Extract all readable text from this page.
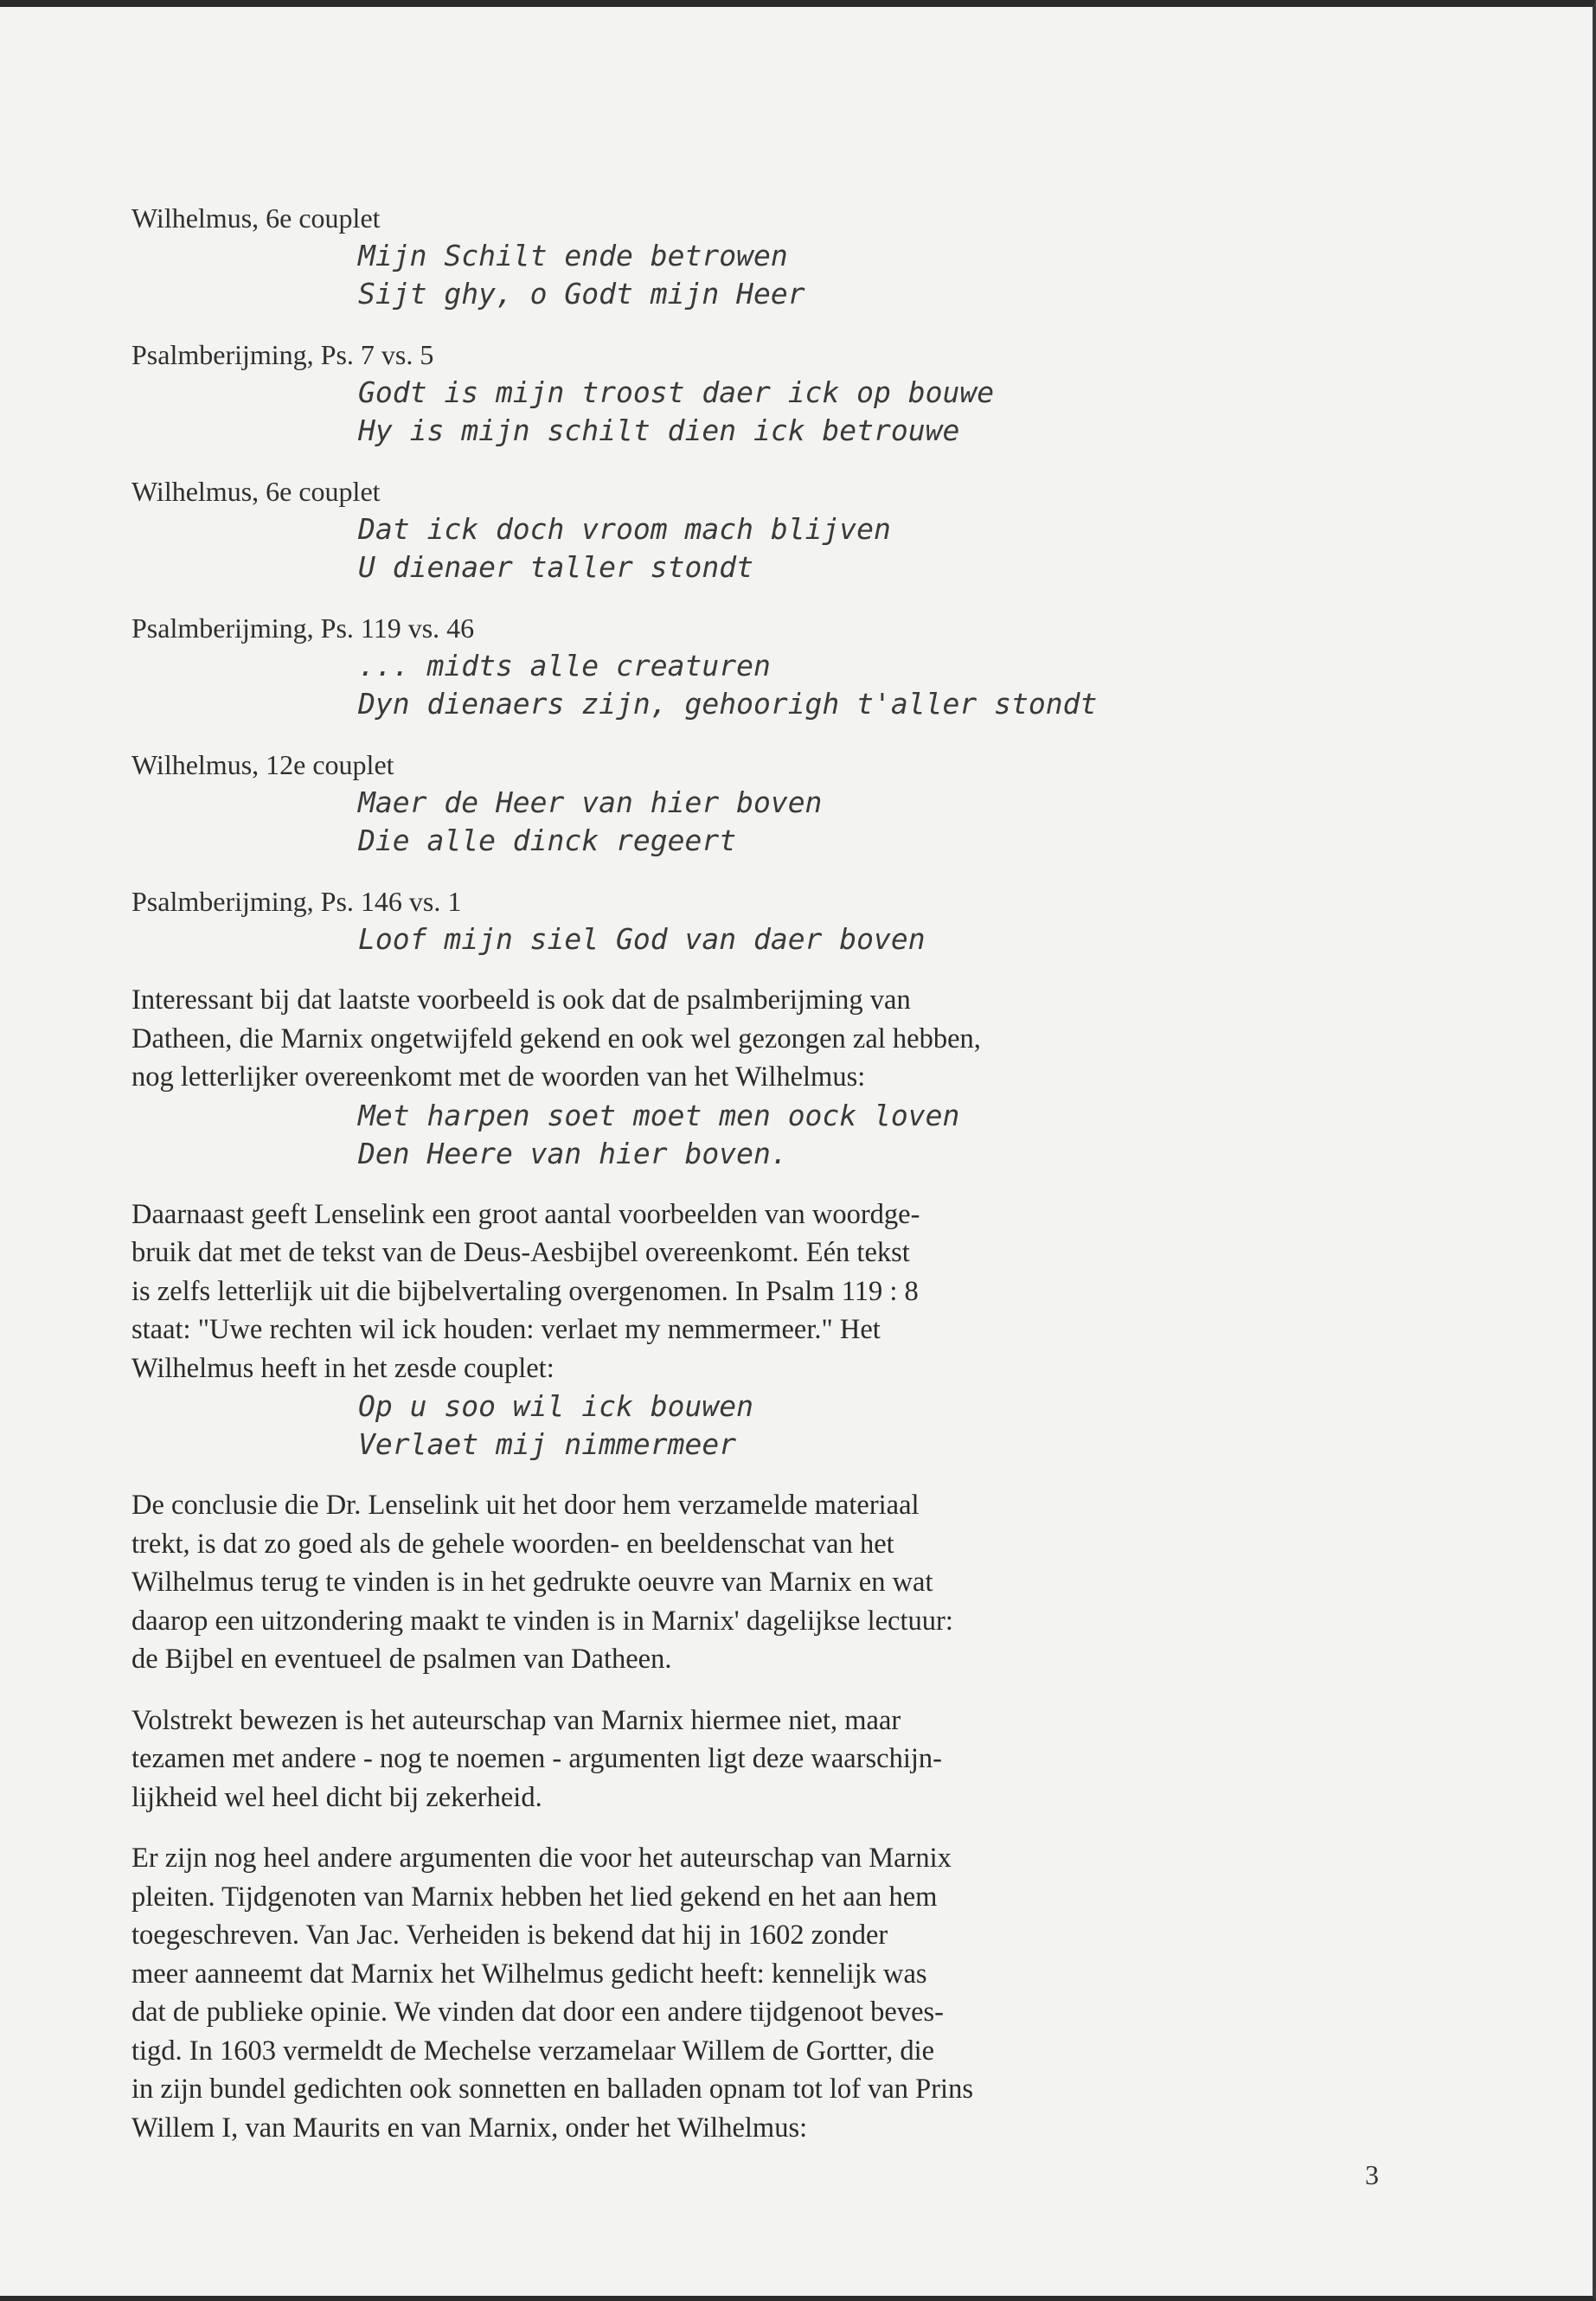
Wilhelmus, 6e couplet
Mijn Schilt ende betrowen
Sijt ghy, o Godt mijn Heer
Psalmberijming, Ps. 7 vs. 5
Godt is mijn troost daer ick op bouwe
Hy is mijn schilt dien ick betrouwe
Wilhelmus, 6e couplet
Dat ick doch vroom mach blijven
U dienaer taller stondt
Psalmberijming, Ps. 119 vs. 46
... midts alle creaturen
Dyn dienaers zijn, gehoorigh t'aller stondt
Wilhelmus, 12e couplet
Maer de Heer van hier boven
Die alle dinck regeert
Psalmberijming, Ps. 146 vs. 1
Loof mijn siel God van daer boven

Interessant bij dat laatste voorbeeld is ook dat de psalmberijming van
Datheen, die Marnix ongetwijfeld gekend en ook wel gezongen zal hebben,
nog letterlijker overeenkomt met de woorden van het Wilhelmus:

Met harpen soet moet men oock loven
Den Heere van hier boven.

Daarnaast geeft Lenselink een groot aantal voorbeelden van woordge-
bruik dat met de tekst van de Deus-Aesbijbel overeenkomt. Eén tekst
is zelfs letterlijk uit die bijbelvertaling overgenomen. In Psalm 119 : 8
staat: "Uwe rechten wil ick houden: verlaet my nemmermeer." Het
Wilhelmus heeft in het zesde couplet:

Op u soo wil ick bouwen
Verlaet mij nimmermeer

De conclusie die Dr. Lenselink uit het door hem verzamelde materiaal
trekt, is dat zo goed als de gehele woorden- en beeldenschat van het
Wilhelmus terug te vinden is in het gedrukte oeuvre van Marnix en wat
daarop een uitzondering maakt te vinden is in Marnix' dagelijkse lectuur:
de Bijbel en eventueel de psalmen van Datheen.

Volstrekt bewezen is het auteurschap van Marnix hiermee niet, maar
tezamen met andere - nog te noemen - argumenten ligt deze waarschijn-
lijkheid wel heel dicht bij zekerheid.

Er zijn nog heel andere argumenten die voor het auteurschap van Marnix
pleiten. Tijdgenoten van Marnix hebben het lied gekend en het aan hem
toegeschreven. Van Jac. Verheiden is bekend dat hij in 1602 zonder
meer aanneemt dat Marnix het Wilhelmus gedicht heeft: kennelijk was
dat de publieke opinie. We vinden dat door een andere tijdgenoot beves-
tigd. In 1603 vermeldt de Mechelse verzamelaar Willem de Gortter, die
in zijn bundel gedichten ook sonnetten en balladen opnam tot lof van Prins
Willem I, van Maurits en van Marnix, onder het Wilhelmus:

3
